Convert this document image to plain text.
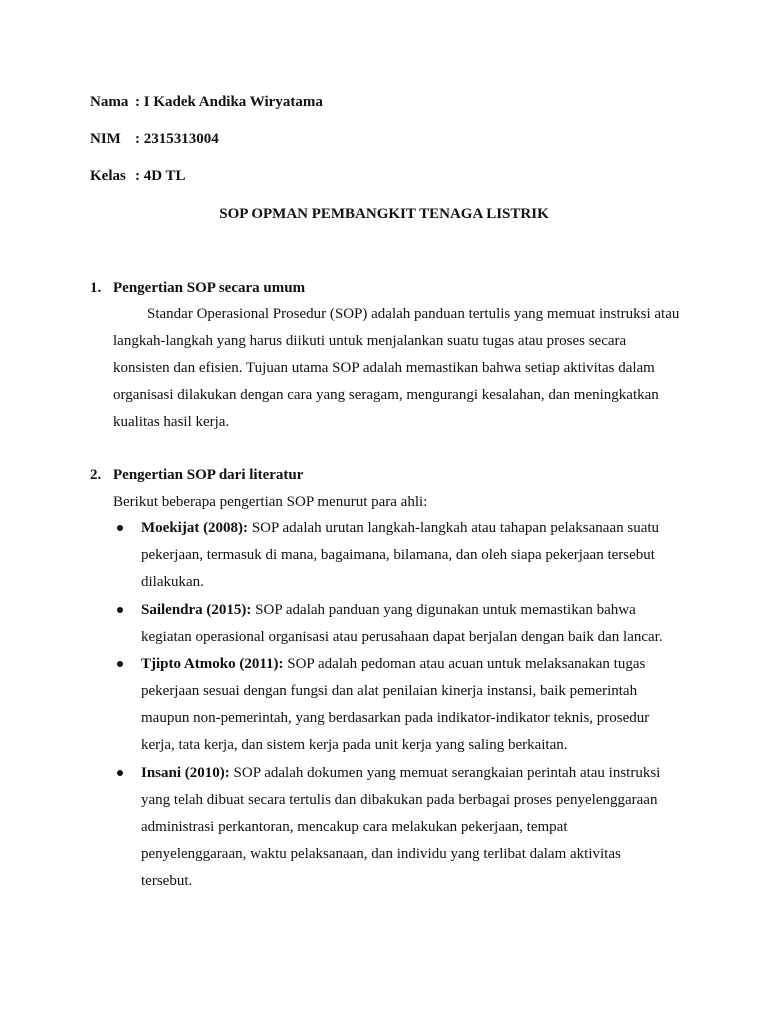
Nama : I Kadek Andika Wiryatama
NIM : 2315313004
Kelas : 4D TL
SOP OPMAN PEMBANGKIT TENAGA LISTRIK
1. Pengertian SOP secara umum
Standar Operasional Prosedur (SOP) adalah panduan tertulis yang memuat instruksi atau
langkah-langkah yang harus diikuti untuk menjalankan suatu tugas atau proses secara
konsisten dan efisien. Tujuan utama SOP adalah memastikan bahwa setiap aktivitas dalam
organisasi dilakukan dengan cara yang seragam, mengurangi kesalahan, dan meningkatkan
kualitas hasil kerja.
2. Pengertian SOP dari literatur
Berikut beberapa pengertian SOP menurut para ahli:
Moekijat (2008): SOP adalah urutan langkah-langkah atau tahapan pelaksanaan suatu
pekerjaan, termasuk di mana, bagaimana, bilamana, dan oleh siapa pekerjaan tersebut
dilakukan.
Sailendra (2015): SOP adalah panduan yang digunakan untuk memastikan bahwa
kegiatan operasional organisasi atau perusahaan dapat berjalan dengan baik dan lancar.
Tjipto Atmoko (2011): SOP adalah pedoman atau acuan untuk melaksanakan tugas
pekerjaan sesuai dengan fungsi dan alat penilaian kinerja instansi, baik pemerintah
maupun non-pemerintah, yang berdasarkan pada indikator-indikator teknis, prosedur
kerja, tata kerja, dan sistem kerja pada unit kerja yang saling berkaitan.
Insani (2010): SOP adalah dokumen yang memuat serangkaian perintah atau instruksi
yang telah dibuat secara tertulis dan dibakukan pada berbagai proses penyelenggaraan
administrasi perkantoran, mencakup cara melakukan pekerjaan, tempat
penyelenggaraan, waktu pelaksanaan, dan individu yang terlibat dalam aktivitas
tersebut.
